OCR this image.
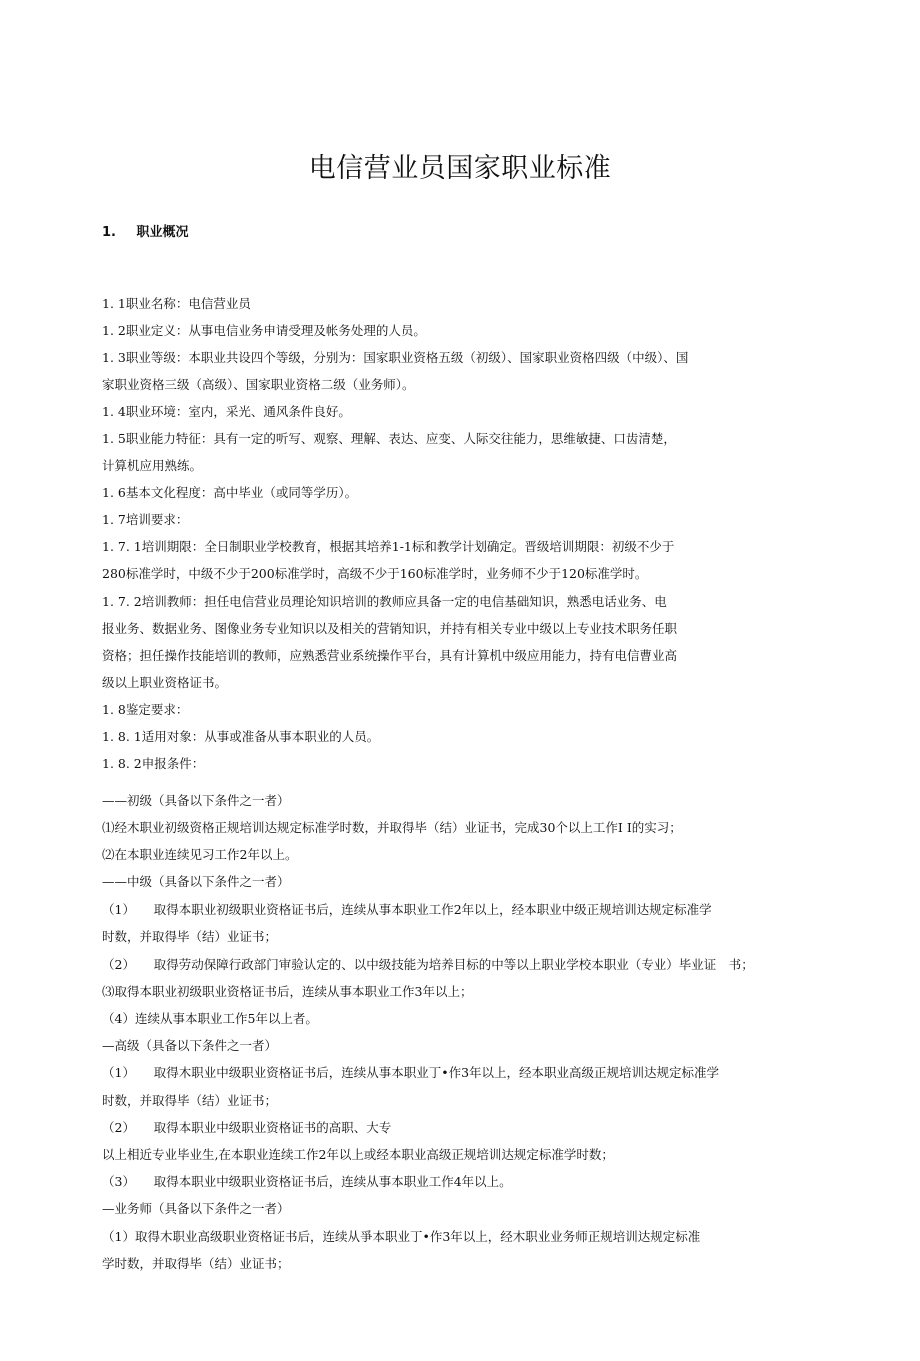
电信营业员国家职业标准
1. 职业概况
1. 1职业名称：电信营业员
1. 2职业定义：从事电信业务申请受理及帐务处理的人员。
1. 3职业等级：本职业共设四个等级，分别为：国家职业资格五级（初级）、国家职业资格四级（中级）、国
家职业资格三级（高级）、国家职业资格二级（业务师）。
1. 4职业环境：室内，采光、通风条件良好。
1. 5职业能力特征：具有一定的听写、观察、理解、表达、应变、人际交往能力，思维敏捷、口齿清楚，
计算机应用熟练。
1. 6基本文化程度：高中毕业（或同等学历）。
1. 7培训要求：
1. 7. 1培训期限：全日制职业学校教育，根据其培养1-1标和教学计划确定。晋级培训期限：初级不少于
280标准学时，中级不少于200标准学时，高级不少于160标准学时，业务师不少于120标准学时。
1. 7. 2培训教师：担任电信营业员理论知识培训的教师应具备一定的电信基础知识，熟悉电话业务、电
报业务、数据业务、图像业务专业知识以及相关的营销知识，并持有相关专业中级以上专业技术职务任职
资格；担任操作技能培训的教师，应熟悉营业系统操作平台，具有计算机中级应用能力，持有电信曹业高
级以上职业资格证书。
1. 8鉴定要求：
1. 8. 1适用对象：从事或准备从事本职业的人员。
1. 8. 2申报条件：
——初级（具备以下条件之一者）
⑴经木职业初级资格正规培训达规定标准学时数，并取得毕（结）业证书，完成30个以上工作I I的实习；
⑵在本职业连续见习工作2年以上。
——中级（具备以下条件之一者）
（1）　　取得本职业初级职业资格证书后，连续从事本职业工作2年以上，经本职业中级正规培训达规定标准学
时数，并取得毕（结）业证书；
（2）　　取得劳动保障行政部门审验认定的、以中级技能为培养目标的中等以上职业学校本职业（专业）毕业证　书；
⑶取得本职业初级职业资格证书后，连续从事本职业工作3年以上；
（4）连续从事本职业工作5年以上者。
—高级（具备以下条件之一者）
（1）　　取得木职业中级职业资格证书后，连续从事本职业丁•作3年以上，经本职业高级正规培训达规定标准学
时数，并取得毕（结）业证书；
（2）　　取得本职业中级职业资格证书的高职、大专
以上相近专业毕业生,在本职业连续工作2年以上或经本职业高级正规培训达规定标准学时数；
（3）　　取得本职业中级职业资格证书后，连续从事本职业工作4年以上。
—业务师（具备以下条件之一者）
（1）取得木职业高级职业资格证书后，连续从爭本职业丁•作3年以上，经木职业业务师正规培训达规定标准
学时数，并取得毕（结）业证书；
